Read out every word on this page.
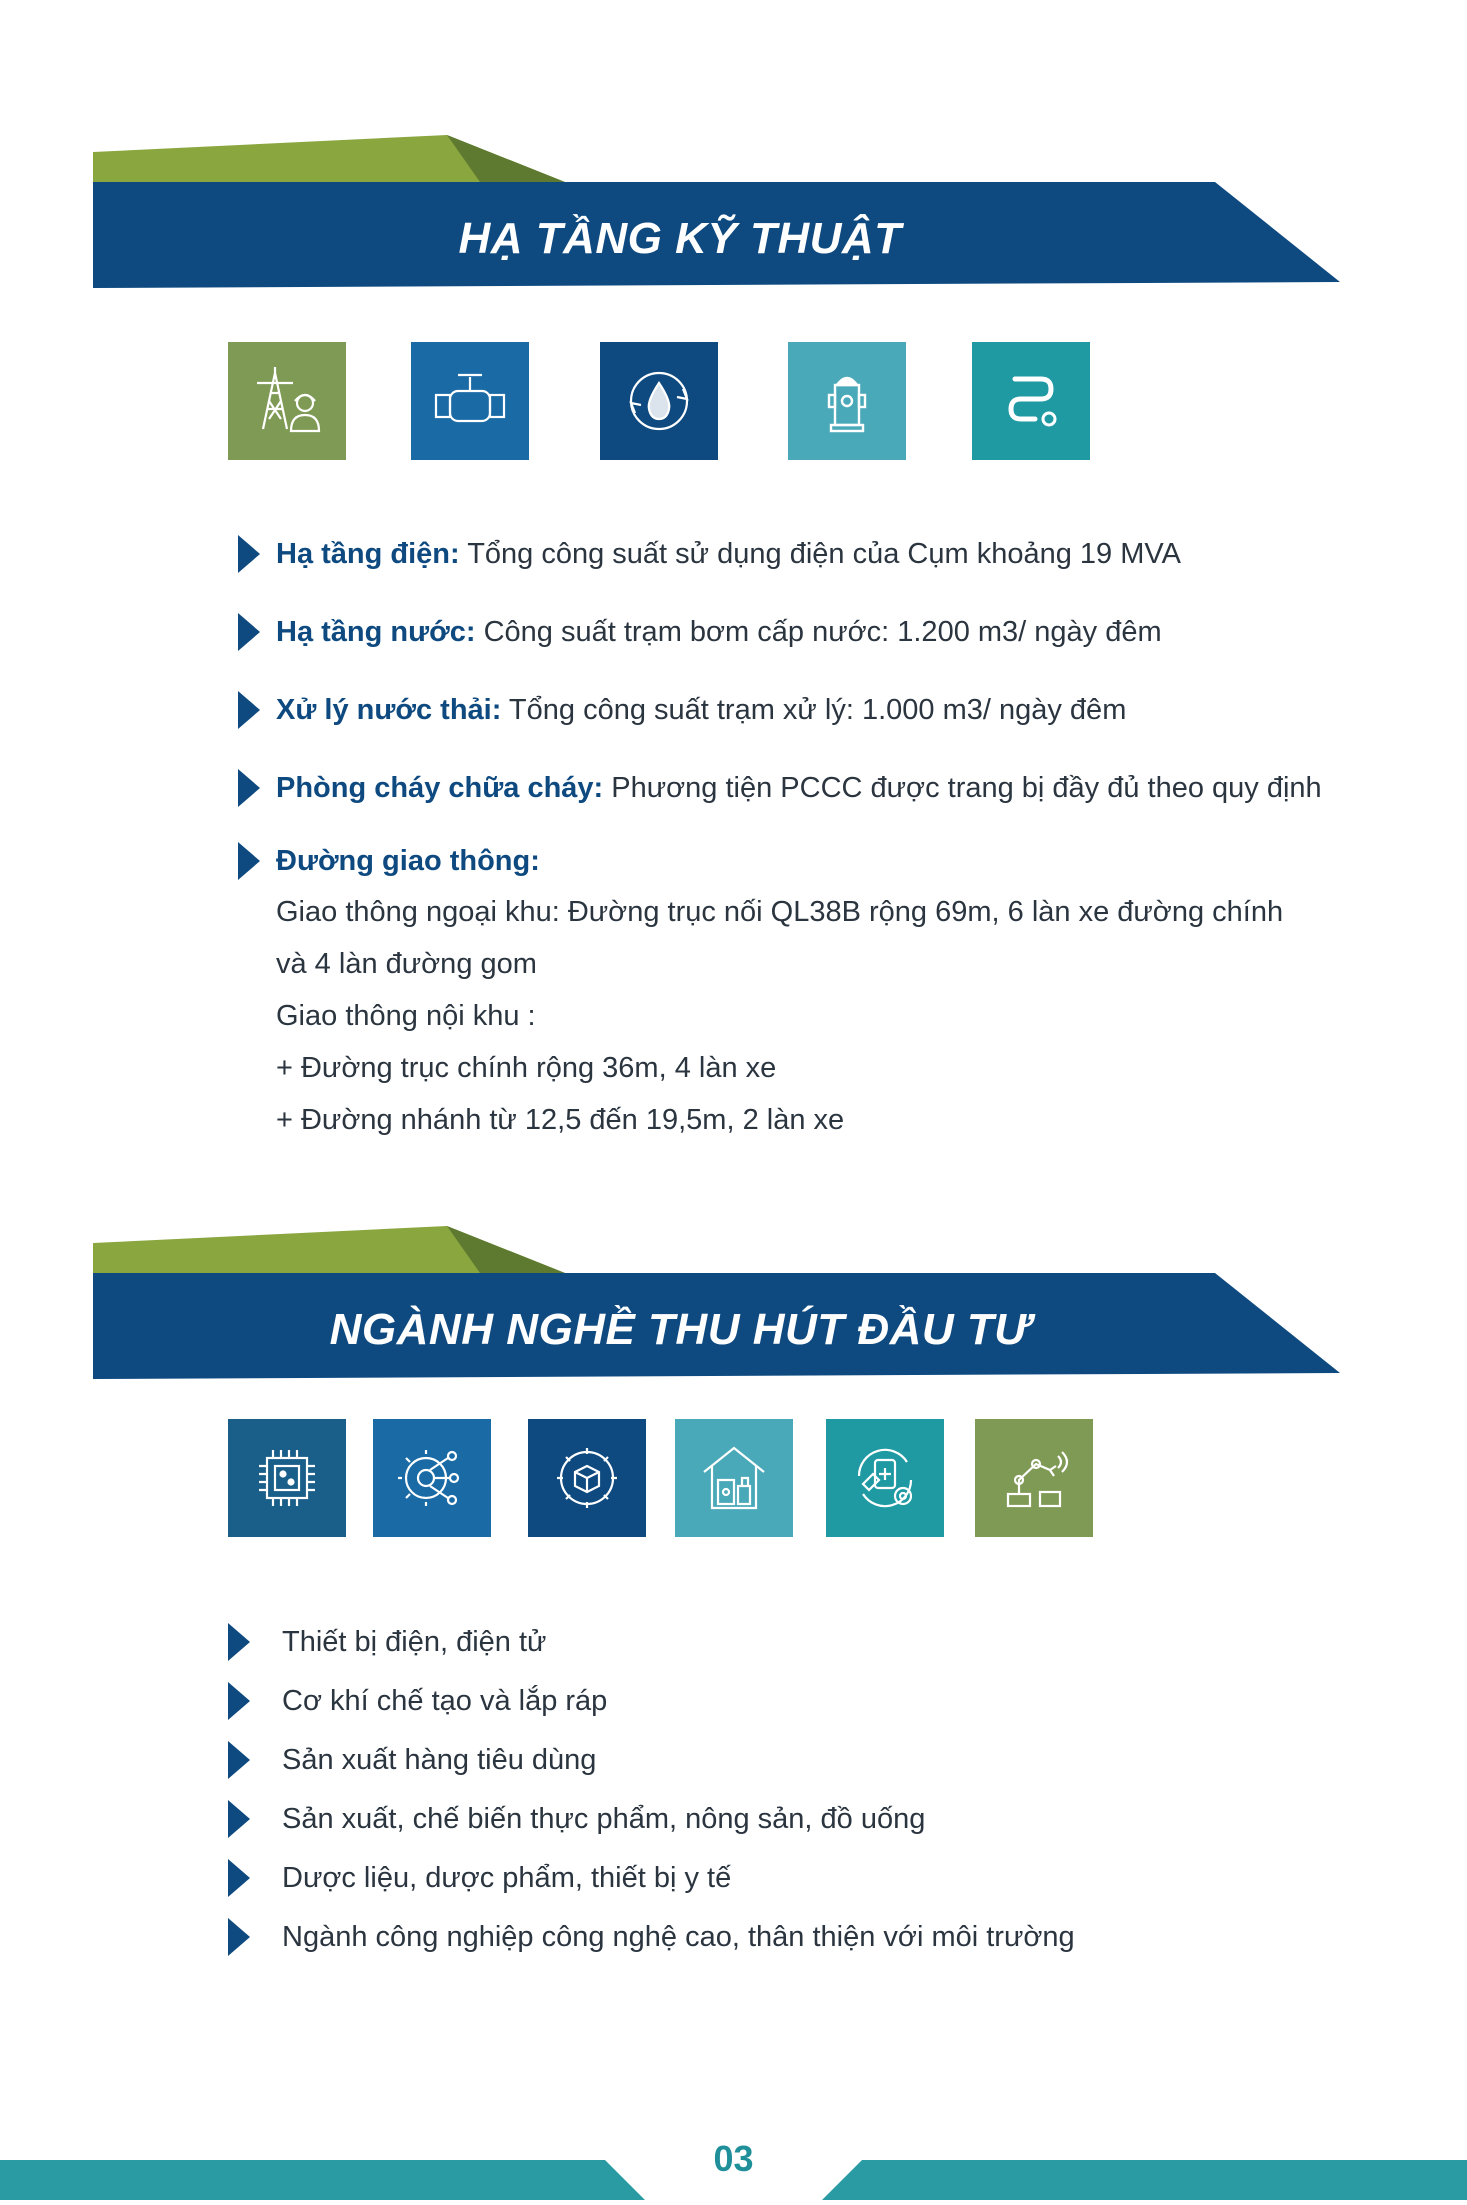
HẠ TẦNG KỸ THUẬT
Hạ tầng điện: Tổng công suất sử dụng điện của Cụm khoảng 19 MVA
Hạ tầng nước: Công suất trạm bơm cấp nước: 1.200 m3/ ngày đêm
Xử lý nước thải: Tổng công suất trạm xử lý: 1.000 m3/ ngày đêm
Phòng cháy chữa cháy: Phương tiện PCCC được trang bị đầy đủ theo quy định
Đường giao thông:
Giao thông ngoại khu: Đường trục nối QL38B rộng 69m, 6 làn xe đường chính
và 4 làn đường gom
Giao thông nội khu :
+ Đường trục chính rộng 36m, 4 làn xe
+ Đường nhánh từ 12,5 đến 19,5m, 2 làn xe
NGÀNH NGHỀ THU HÚT ĐẦU TƯ
Thiết bị điện, điện tử
Cơ khí chế tạo và lắp ráp
Sản xuất hàng tiêu dùng
Sản xuất, chế biến thực phẩm, nông sản, đồ uống
Dược liệu, dược phẩm, thiết bị y tế
Ngành công nghiệp công nghệ cao, thân thiện với môi trường
03
